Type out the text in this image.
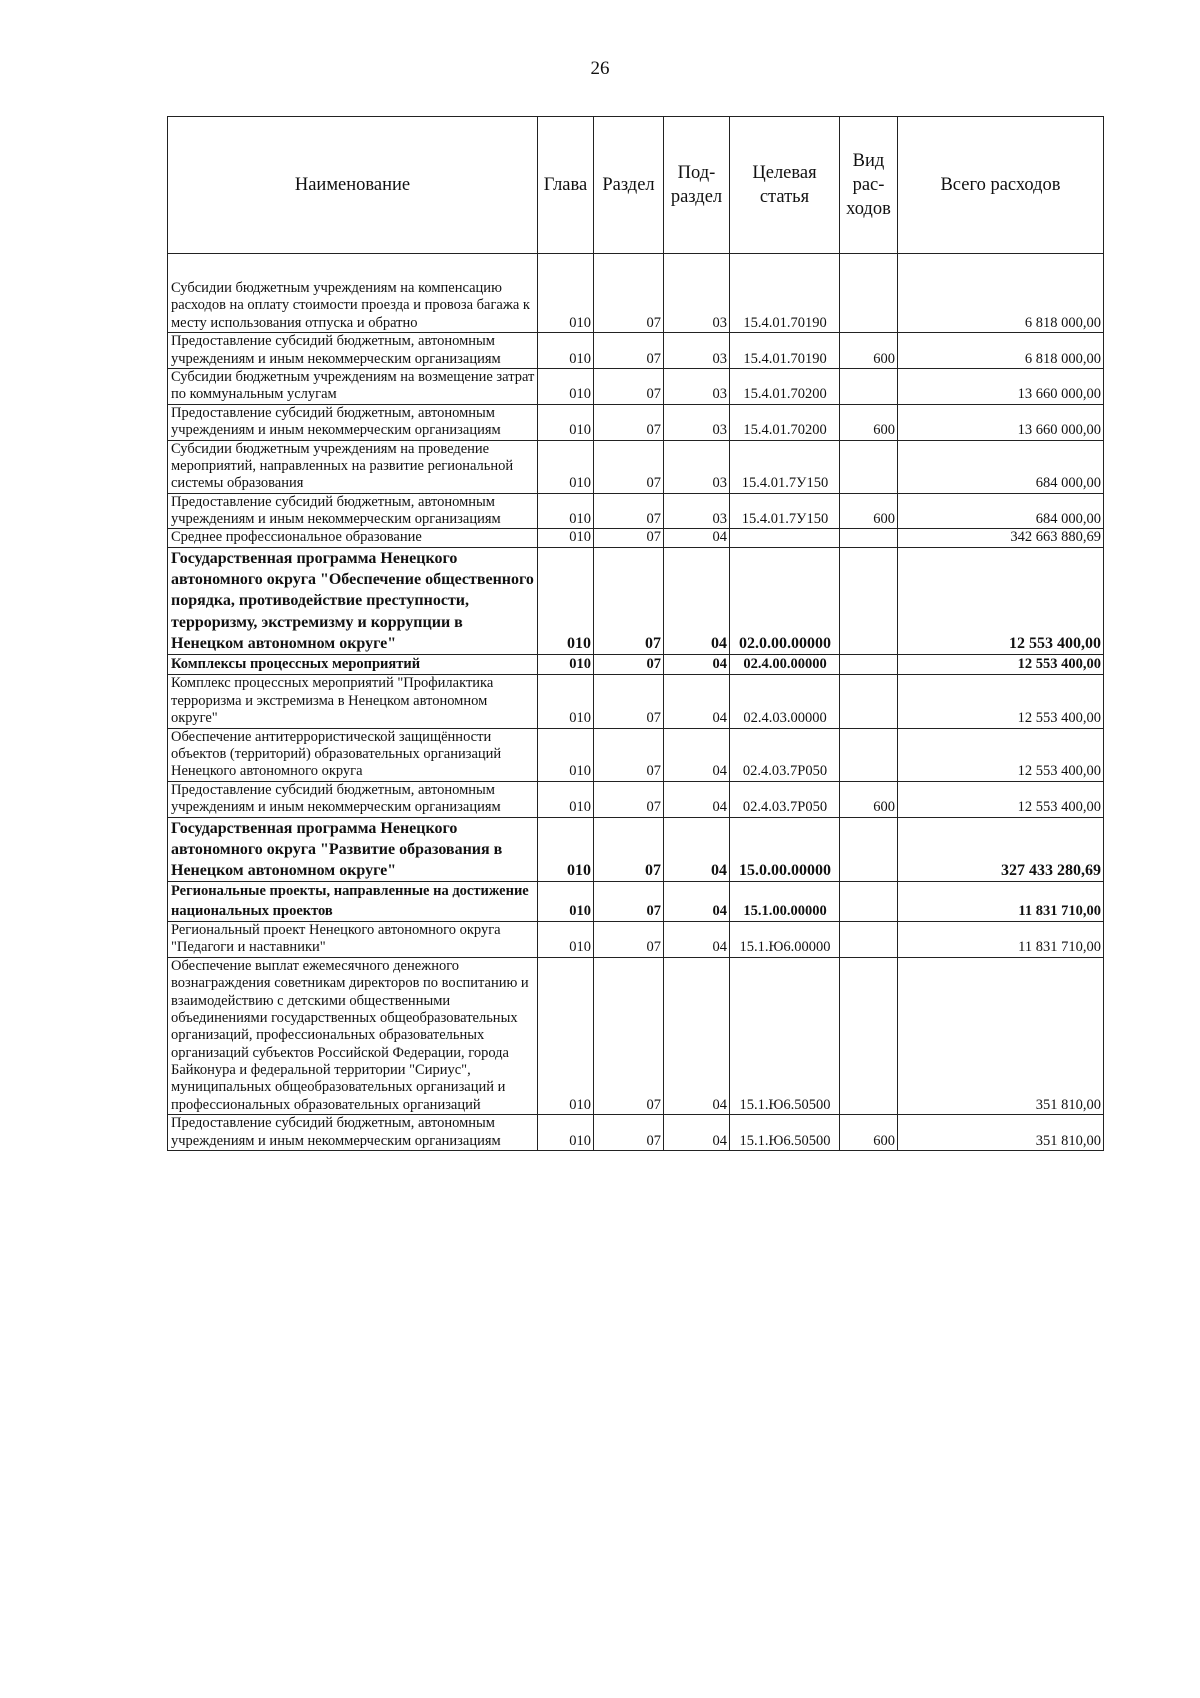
26
Наименование	Глава	Раздел	Под-раздел	Целевая статья	Вид рас-ходов	Всего расходов
Субсидии бюджетным учреждениям на компенсацию расходов на оплату стоимости проезда и провоза багажа к месту использования отпуска и обратно	010	07	03	15.4.01.70190		6 818 000,00
Предоставление субсидий бюджетным, автономным учреждениям и иным некоммерческим организациям	010	07	03	15.4.01.70190	600	6 818 000,00
Субсидии бюджетным учреждениям на возмещение затрат по коммунальным услугам	010	07	03	15.4.01.70200		13 660 000,00
Предоставление субсидий бюджетным, автономным учреждениям и иным некоммерческим организациям	010	07	03	15.4.01.70200	600	13 660 000,00
Субсидии бюджетным учреждениям на проведение мероприятий, направленных на развитие региональной системы образования	010	07	03	15.4.01.7У150		684 000,00
Предоставление субсидий бюджетным, автономным учреждениям и иным некоммерческим организациям	010	07	03	15.4.01.7У150	600	684 000,00
Среднее профессиональное образование	010	07	04			342 663 880,69
Государственная программа Ненецкого автономного округа "Обеспечение общественного порядка, противодействие преступности, терроризму, экстремизму и коррупции в Ненецком автономном округе"	010	07	04	02.0.00.00000		12 553 400,00
Комплексы процессных мероприятий	010	07	04	02.4.00.00000		12 553 400,00
Комплекс процессных мероприятий "Профилактика терроризма и экстремизма в Ненецком автономном округе"	010	07	04	02.4.03.00000		12 553 400,00
Обеспечение антитеррористической защищённости объектов (территорий) образовательных организаций Ненецкого автономного округа	010	07	04	02.4.03.7Р050		12 553 400,00
Предоставление субсидий бюджетным, автономным учреждениям и иным некоммерческим организациям	010	07	04	02.4.03.7Р050	600	12 553 400,00
Государственная программа Ненецкого автономного округа "Развитие образования в Ненецком автономном округе"	010	07	04	15.0.00.00000		327 433 280,69
Региональные проекты, направленные на достижение национальных проектов	010	07	04	15.1.00.00000		11 831 710,00
Региональный проект Ненецкого автономного округа "Педагоги и наставники"	010	07	04	15.1.Ю6.00000		11 831 710,00
Обеспечение выплат ежемесячного денежного вознаграждения советникам директоров по воспитанию и взаимодействию с детскими общественными объединениями государственных общеобразовательных организаций, профессиональных образовательных организаций субъектов Российской Федерации, города Байконура и федеральной территории "Сириус", муниципальных общеобразовательных организаций и профессиональных образовательных организаций	010	07	04	15.1.Ю6.50500		351 810,00
Предоставление субсидий бюджетным, автономным учреждениям и иным некоммерческим организациям	010	07	04	15.1.Ю6.50500	600	351 810,00
